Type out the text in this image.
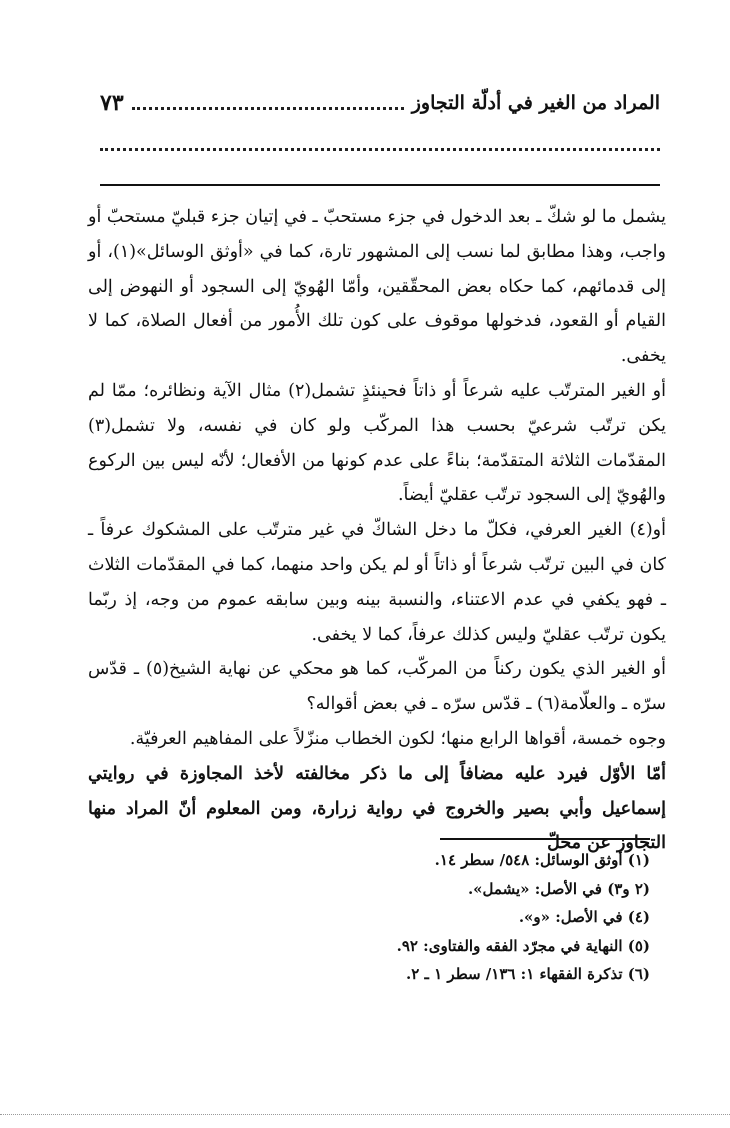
المراد من الغير في أدلّة التجاوز
٧٣

يشمل ما لو شكّ ـ بعد الدخول في جزء مستحبّ ـ في إتيان جزء قبليّ مستحبّ أو واجب، وهذا مطابق لما نسب إلى المشهور تارة، كما في «أوثق الوسائل»(١)، أو إلى قدمائهم، كما حكاه بعض المحقّقين، وأمّا الهُويّ إلى السجود أو النهوض إلى القيام أو القعود، فدخولها موقوف على كون تلك الأُمور من أفعال الصلاة، كما لا يخفى.

أو الغير المترتّب عليه شرعاً أو ذاتاً فحينئذٍ تشمل(٢) مثال الآية ونظائره؛ ممّا لم يكن ترتّب شرعيّ بحسب هذا المركّب ولو كان في نفسه، ولا تشمل(٣) المقدّمات الثلاثة المتقدّمة؛ بناءً على عدم كونها من الأفعال؛ لأنّه ليس بين الركوع والهُويّ إلى السجود ترتّب عقليّ أيضاً.

أو(٤) الغير العرفي، فكلّ ما دخل الشاكّ في غير مترتّب على المشكوك عرفاً ـ كان في البين ترتّب شرعاً أو ذاتاً أو لم يكن واحد منهما، كما في المقدّمات الثلاث ـ فهو يكفي في عدم الاعتناء، والنسبة بينه وبين سابقه عموم من وجه، إذ ربّما يكون ترتّب عقليّ وليس كذلك عرفاً، كما لا يخفى.

أو الغير الذي يكون ركناً من المركّب، كما هو محكي عن نهاية الشيخ(٥) ـ قدّس سرّه ـ والعلّامة(٦) ـ قدّس سرّه ـ في بعض أقواله؟

وجوه خمسة، أقواها الرابع منها؛ لكون الخطاب منزّلاً على المفاهيم العرفيّة.

أمّا الأوّل فيرد عليه مضافاً إلى ما ذكر مخالفته لأخذ المجاوزة في روايتي إسماعيل وأبي بصير والخروج في رواية زرارة، ومن المعلوم أنّ المراد منها التجاوز عن محلّ

(١) أوثق الوسائل: ٥٤٨/ سطر ١٤.
(٢ و٣) في الأصل: «يشمل».
(٤) في الأصل: «و».
(٥) النهاية في مجرّد الفقه والفتاوى: ٩٢.
(٦) تذكرة الفقهاء ١: ١٣٦/ سطر ١ ـ ٢.
